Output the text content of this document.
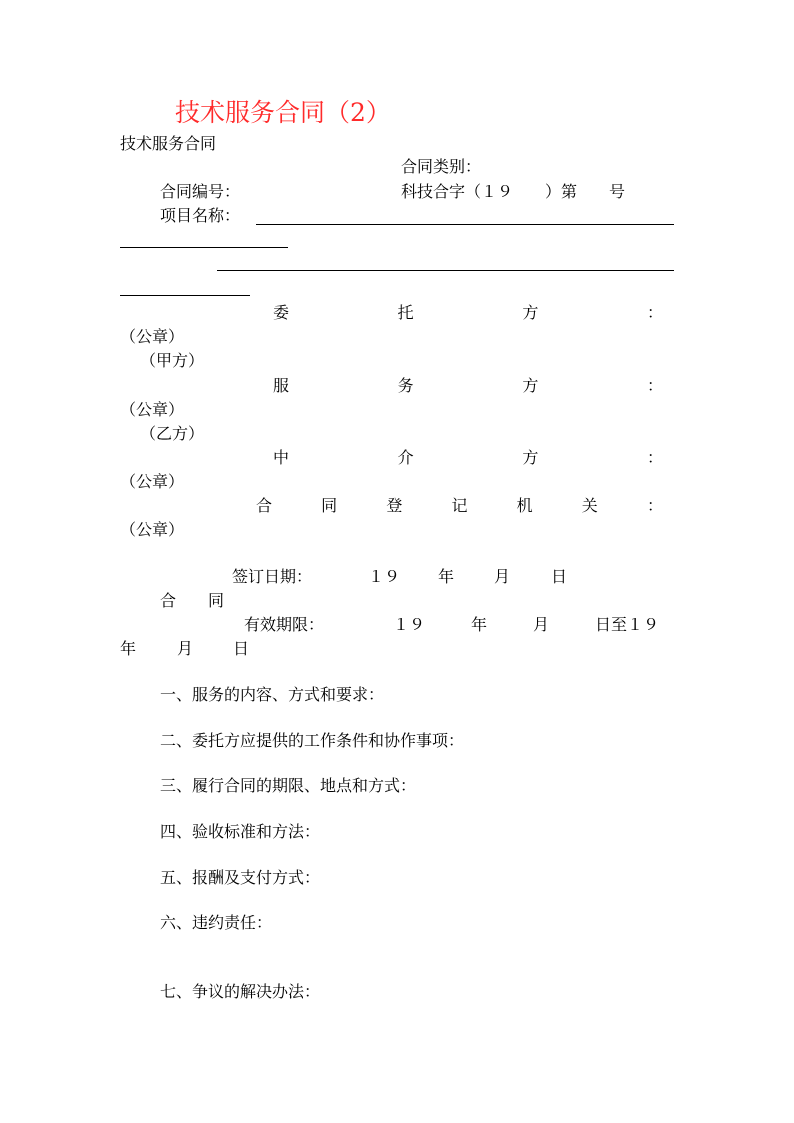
技术服务合同（2）
技术服务合同
合同类别：
合同编号：	科技合字（１９　　）第　　号
项目名称：
委	托	方	：
（公章）
（甲方）
服	务	方	：
（公章）
（乙方）
中	介	方	：
（公章）
合	同	登	记	机	关	：
（公章）
签订日期：	１９ 年 月	日
合　　同
有效期限：	１９	年	月	日至１９
年	月 日
一、服务的内容、方式和要求：
二、委托方应提供的工作条件和协作事项：
三、履行合同的期限、地点和方式：
四、验收标准和方法：
五、报酬及支付方式：
六、违约责任：
七、争议的解决办法：
